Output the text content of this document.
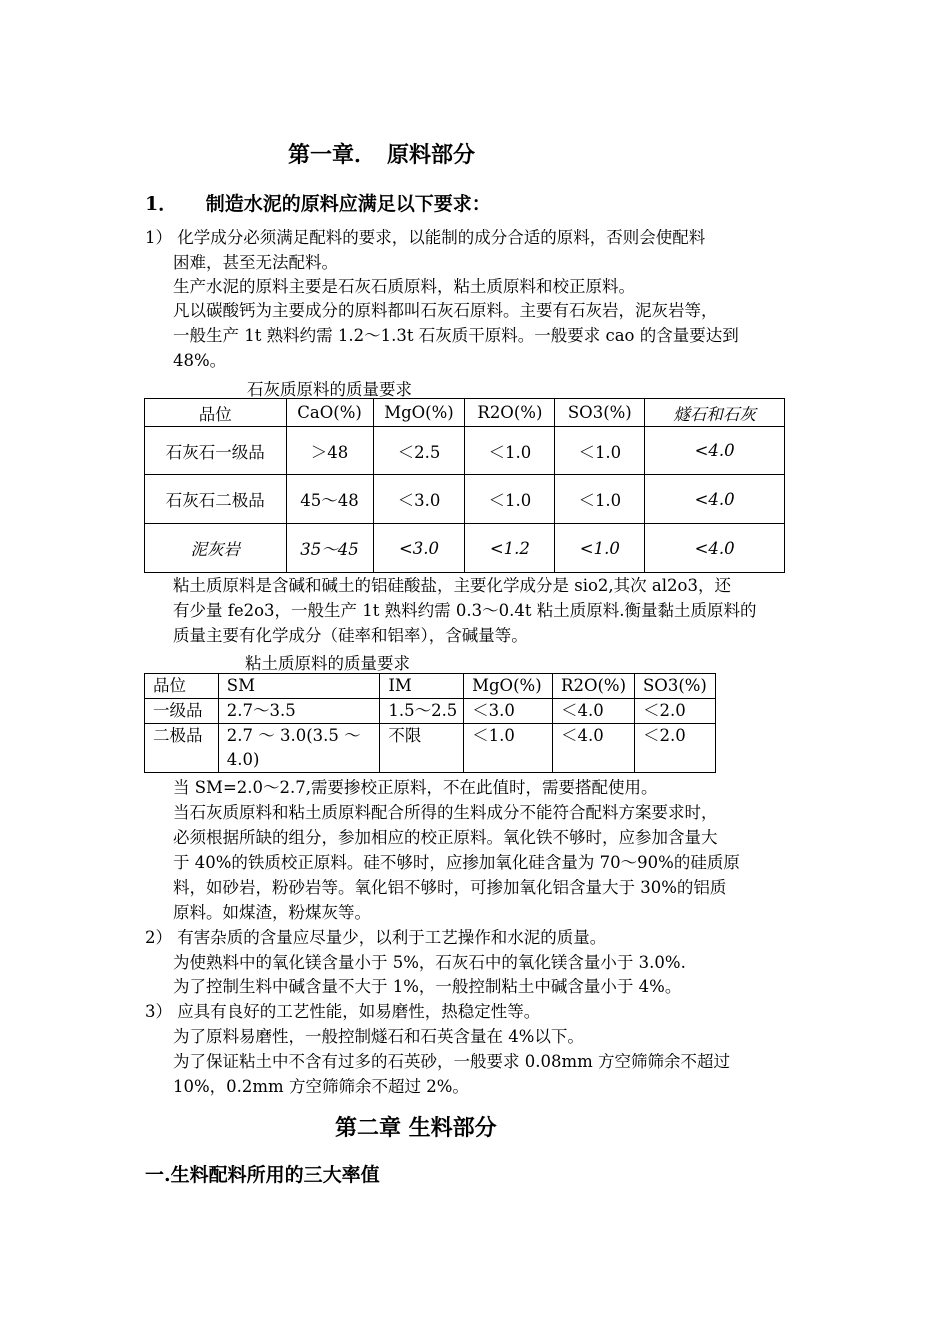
第一章．　原料部分
1．　　制造水泥的原料应满足以下要求：
1） 化学成分必须满足配料的要求，以能制的成分合适的原料，否则会使配料
困难，甚至无法配料。
生产水泥的原料主要是石灰石质原料，粘土质原料和校正原料。
凡以碳酸钙为主要成分的原料都叫石灰石原料。主要有石灰岩，泥灰岩等，
一般生产 1t 熟料约需 1.2～1.3t 石灰质干原料。一般要求 cao 的含量要达到
48%。
石灰质原料的质量要求
品位	CaO(%)	MgO(%)	R2O(%)	SO3(%)	燧石和石灰
石灰石一级品	＞48	＜2.5	＜1.0	＜1.0	<4.0
石灰石二极品	45～48	＜3.0	＜1.0	＜1.0	<4.0
泥灰岩	35～45	<3.0	<1.2	<1.0	<4.0
粘土质原料是含碱和碱土的铝硅酸盐，主要化学成分是 sio2,其次 al2o3，还
有少量 fe2o3，一般生产 1t 熟料约需 0.3～0.4t 粘土质原料.衡量黏土质原料的
质量主要有化学成分（硅率和铝率），含碱量等。
粘土质原料的质量要求
品位	SM	IM	MgO(%)	R2O(%)	SO3(%)
一级品	2.7～3.5	1.5～2.5	＜3.0	＜4.0	＜2.0
二极品	2.7 ～ 3.0(3.5 ～
4.0)	不限	＜1.0	＜4.0	＜2.0
当 SM=2.0～2.7,需要掺校正原料，不在此值时，需要搭配使用。
当石灰质原料和粘土质原料配合所得的生料成分不能符合配料方案要求时，
必须根据所缺的组分，参加相应的校正原料。氧化铁不够时，应参加含量大
于 40%的铁质校正原料。硅不够时，应掺加氧化硅含量为 70～90%的硅质原
料，如砂岩，粉砂岩等。氧化铝不够时，可掺加氧化铝含量大于 30%的铝质
原料。如煤渣，粉煤灰等。
2） 有害杂质的含量应尽量少，以利于工艺操作和水泥的质量。
为使熟料中的氧化镁含量小于 5%，石灰石中的氧化镁含量小于 3.0%.
为了控制生料中碱含量不大于 1%，一般控制粘土中碱含量小于 4%。
3） 应具有良好的工艺性能，如易磨性，热稳定性等。
为了原料易磨性，一般控制燧石和石英含量在 4%以下。
为了保证粘土中不含有过多的石英砂，一般要求 0.08mm 方空筛筛余不超过
10%，0.2mm 方空筛筛余不超过 2%。
第二章 生料部分
一.生料配料所用的三大率值
